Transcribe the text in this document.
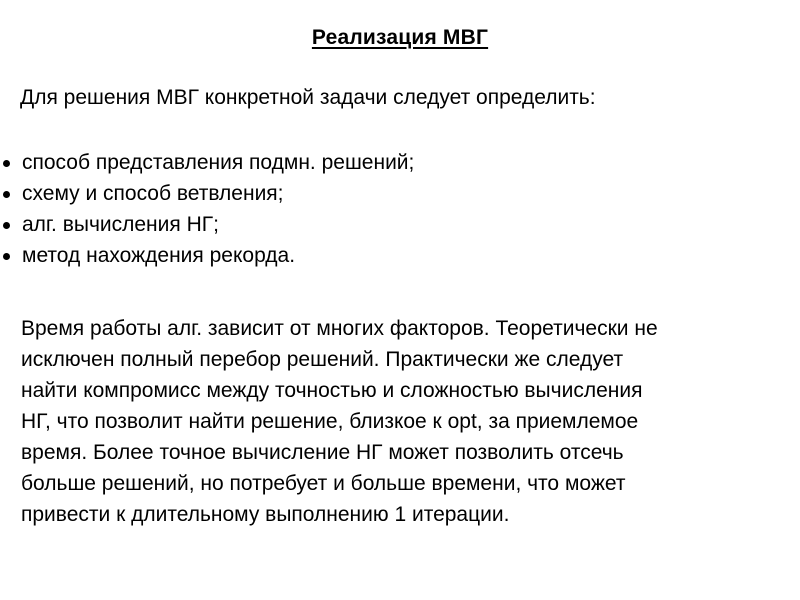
Реализация МВГ
Для решения МВГ конкретной задачи следует определить:
способ представления подмн. решений;
схему и способ ветвления;
алг. вычисления НГ;
метод нахождения рекорда.

Время работы алг. зависит от многих факторов. Теоретически не
исключен полный перебор решений. Практически же следует
найти компромисс между точностью и сложностью вычисления
НГ, что позволит найти решение, близкое к opt, за приемлемое
время. Более точное вычисление НГ может позволить отсечь
больше решений, но потребует и больше времени, что может
привести к длительному выполнению 1 итерации.
